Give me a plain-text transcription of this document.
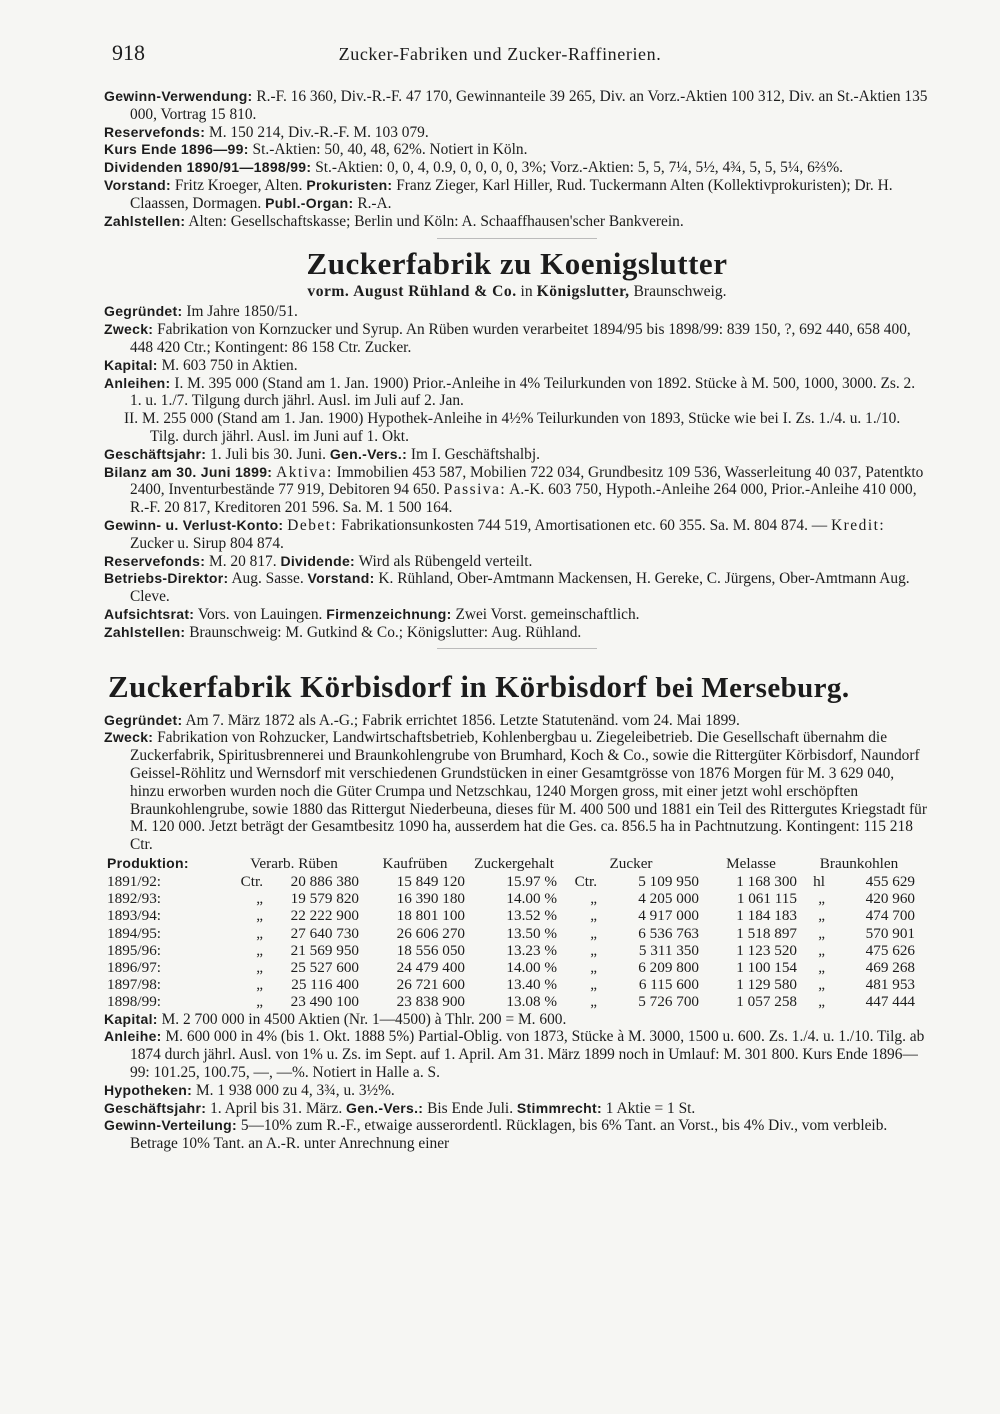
918	Zucker-Fabriken und Zucker-Raffinerien.

Gewinn-Verwendung: R.-F. 16 360, Div.-R.-F. 47 170, Gewinnanteile 39 265, Div. an Vorz.-Aktien 100 312, Div. an St.-Aktien 135 000, Vortrag 15 810.

Reservefonds: M. 150 214, Div.-R.-F. M. 103 079.

Kurs Ende 1896—99: St.-Aktien: 50, 40, 48, 62%. Notiert in Köln.

Dividenden 1890/91—1898/99: St.-Aktien: 0, 0, 4, 0.9, 0, 0, 0, 0, 3%; Vorz.-Aktien: 5, 5, 7¼, 5½, 4¾, 5, 5, 5¼, 6⅔%.

Vorstand: Fritz Kroeger, Alten. Prokuristen: Franz Zieger, Karl Hiller, Rud. Tuckermann Alten (Kollektivprokuristen); Dr. H. Claassen, Dormagen. Publ.-Organ: R.-A.

Zahlstellen: Alten: Gesellschaftskasse; Berlin und Köln: A. Schaaffhausen'scher Bankverein.

Zuckerfabrik zu Koenigslutter

vorm. August Rühland & Co. in Königslutter, Braunschweig.

Gegründet: Im Jahre 1850/51.

Zweck: Fabrikation von Kornzucker und Syrup. An Rüben wurden verarbeitet 1894/95 bis 1898/99: 839 150, ?, 692 440, 658 400, 448 420 Ctr.; Kontingent: 86 158 Ctr. Zucker.

Kapital: M. 603 750 in Aktien.

Anleihen: I. M. 395 000 (Stand am 1. Jan. 1900) Prior.-Anleihe in 4% Teilurkunden von 1892. Stücke à M. 500, 1000, 3000. Zs. 2. 1. u. 1./7. Tilgung durch jährl. Ausl. im Juli auf 2. Jan.

II. M. 255 000 (Stand am 1. Jan. 1900) Hypothek-Anleihe in 4½% Teilurkunden von 1893, Stücke wie bei I. Zs. 1./4. u. 1./10. Tilg. durch jährl. Ausl. im Juni auf 1. Okt.

Geschäftsjahr: 1. Juli bis 30. Juni. Gen.-Vers.: Im I. Geschäftshalbj.

Bilanz am 30. Juni 1899: Aktiva: Immobilien 453 587, Mobilien 722 034, Grundbesitz 109 536, Wasserleitung 40 037, Patentkto 2400, Inventurbestände 77 919, Debitoren 94 650. Passiva: A.-K. 603 750, Hypoth.-Anleihe 264 000, Prior.-Anleihe 410 000, R.-F. 20 817, Kreditoren 201 596. Sa. M. 1 500 164.

Gewinn- u. Verlust-Konto: Debet: Fabrikationsunkosten 744 519, Amortisationen etc. 60 355. Sa. M. 804 874. — Kredit: Zucker u. Sirup 804 874.

Reservefonds: M. 20 817. Dividende: Wird als Rübengeld verteilt.

Betriebs-Direktor: Aug. Sasse. Vorstand: K. Rühland, Ober-Amtmann Mackensen, H. Gereke, C. Jürgens, Ober-Amtmann Aug. Cleve.

Aufsichtsrat: Vors. von Lauingen. Firmenzeichnung: Zwei Vorst. gemeinschaftlich.

Zahlstellen: Braunschweig: M. Gutkind & Co.; Königslutter: Aug. Rühland.

Zuckerfabrik Körbisdorf in Körbisdorf bei Merseburg.

Gegründet: Am 7. März 1872 als A.-G.; Fabrik errichtet 1856. Letzte Statutenänd. vom 24. Mai 1899.

Zweck: Fabrikation von Rohzucker, Landwirtschaftsbetrieb, Kohlenbergbau u. Ziegeleibetrieb. Die Gesellschaft übernahm die Zuckerfabrik, Spiritusbrennerei und Braunkohlengrube von Brumhard, Koch & Co., sowie die Rittergüter Körbisdorf, Naundorf Geissel-Röhlitz und Wernsdorf mit verschiedenen Grundstücken in einer Gesamtgrösse von 1876 Morgen für M. 3 629 040, hinzu erworben wurden noch die Güter Crumpa und Netzschkau, 1240 Morgen gross, mit einer jetzt wohl erschöpften Braunkohlengrube, sowie 1880 das Rittergut Niederbeuna, dieses für M. 400 500 und 1881 ein Teil des Rittergutes Kriegstadt für M. 120 000. Jetzt beträgt der Gesamtbesitz 1090 ha, ausserdem hat die Ges. ca. 856.5 ha in Pachtnutzung. Kontingent: 115 218 Ctr.

Produktion:	Verarb. Rüben		Kaufrüben	Zuckergehalt	Zucker		Melasse	Braunkohlen	
1891/92:	Ctr.	20 886 380	15 849 120	15.97 %	Ctr.	5 109 950	1 168 300	hl	455 629
1892/93:	„	19 579 820	16 390 180	14.00 %	„	4 205 000	1 061 115	„	420 960
1893/94:	„	22 222 900	18 801 100	13.52 %	„	4 917 000	1 184 183	„	474 700
1894/95:	„	27 640 730	26 606 270	13.50 %	„	6 536 763	1 518 897	„	570 901
1895/96:	„	21 569 950	18 556 050	13.23 %	„	5 311 350	1 123 520	„	475 626
1896/97:	„	25 527 600	24 479 400	14.00 %	„	6 209 800	1 100 154	„	469 268
1897/98:	„	25 116 400	26 721 600	13.40 %	„	6 115 600	1 129 580	„	481 953
1898/99:	„	23 490 100	23 838 900	13.08 %	„	5 726 700	1 057 258	„	447 444

Kapital: M. 2 700 000 in 4500 Aktien (Nr. 1—4500) à Thlr. 200 = M. 600.

Anleihe: M. 600 000 in 4% (bis 1. Okt. 1888 5%) Partial-Oblig. von 1873, Stücke à M. 3000, 1500 u. 600. Zs. 1./4. u. 1./10. Tilg. ab 1874 durch jährl. Ausl. von 1% u. Zs. im Sept. auf 1. April. Am 31. März 1899 noch in Umlauf: M. 301 800. Kurs Ende 1896—99: 101.25, 100.75, —, —%. Notiert in Halle a. S.

Hypotheken: M. 1 938 000 zu 4, 3¾, u. 3½%.

Geschäftsjahr: 1. April bis 31. März. Gen.-Vers.: Bis Ende Juli. Stimmrecht: 1 Aktie = 1 St.

Gewinn-Verteilung: 5—10% zum R.-F., etwaige ausserordentl. Rücklagen, bis 6% Tant. an Vorst., bis 4% Div., vom verbleib. Betrage 10% Tant. an A.-R. unter Anrechnung einer
